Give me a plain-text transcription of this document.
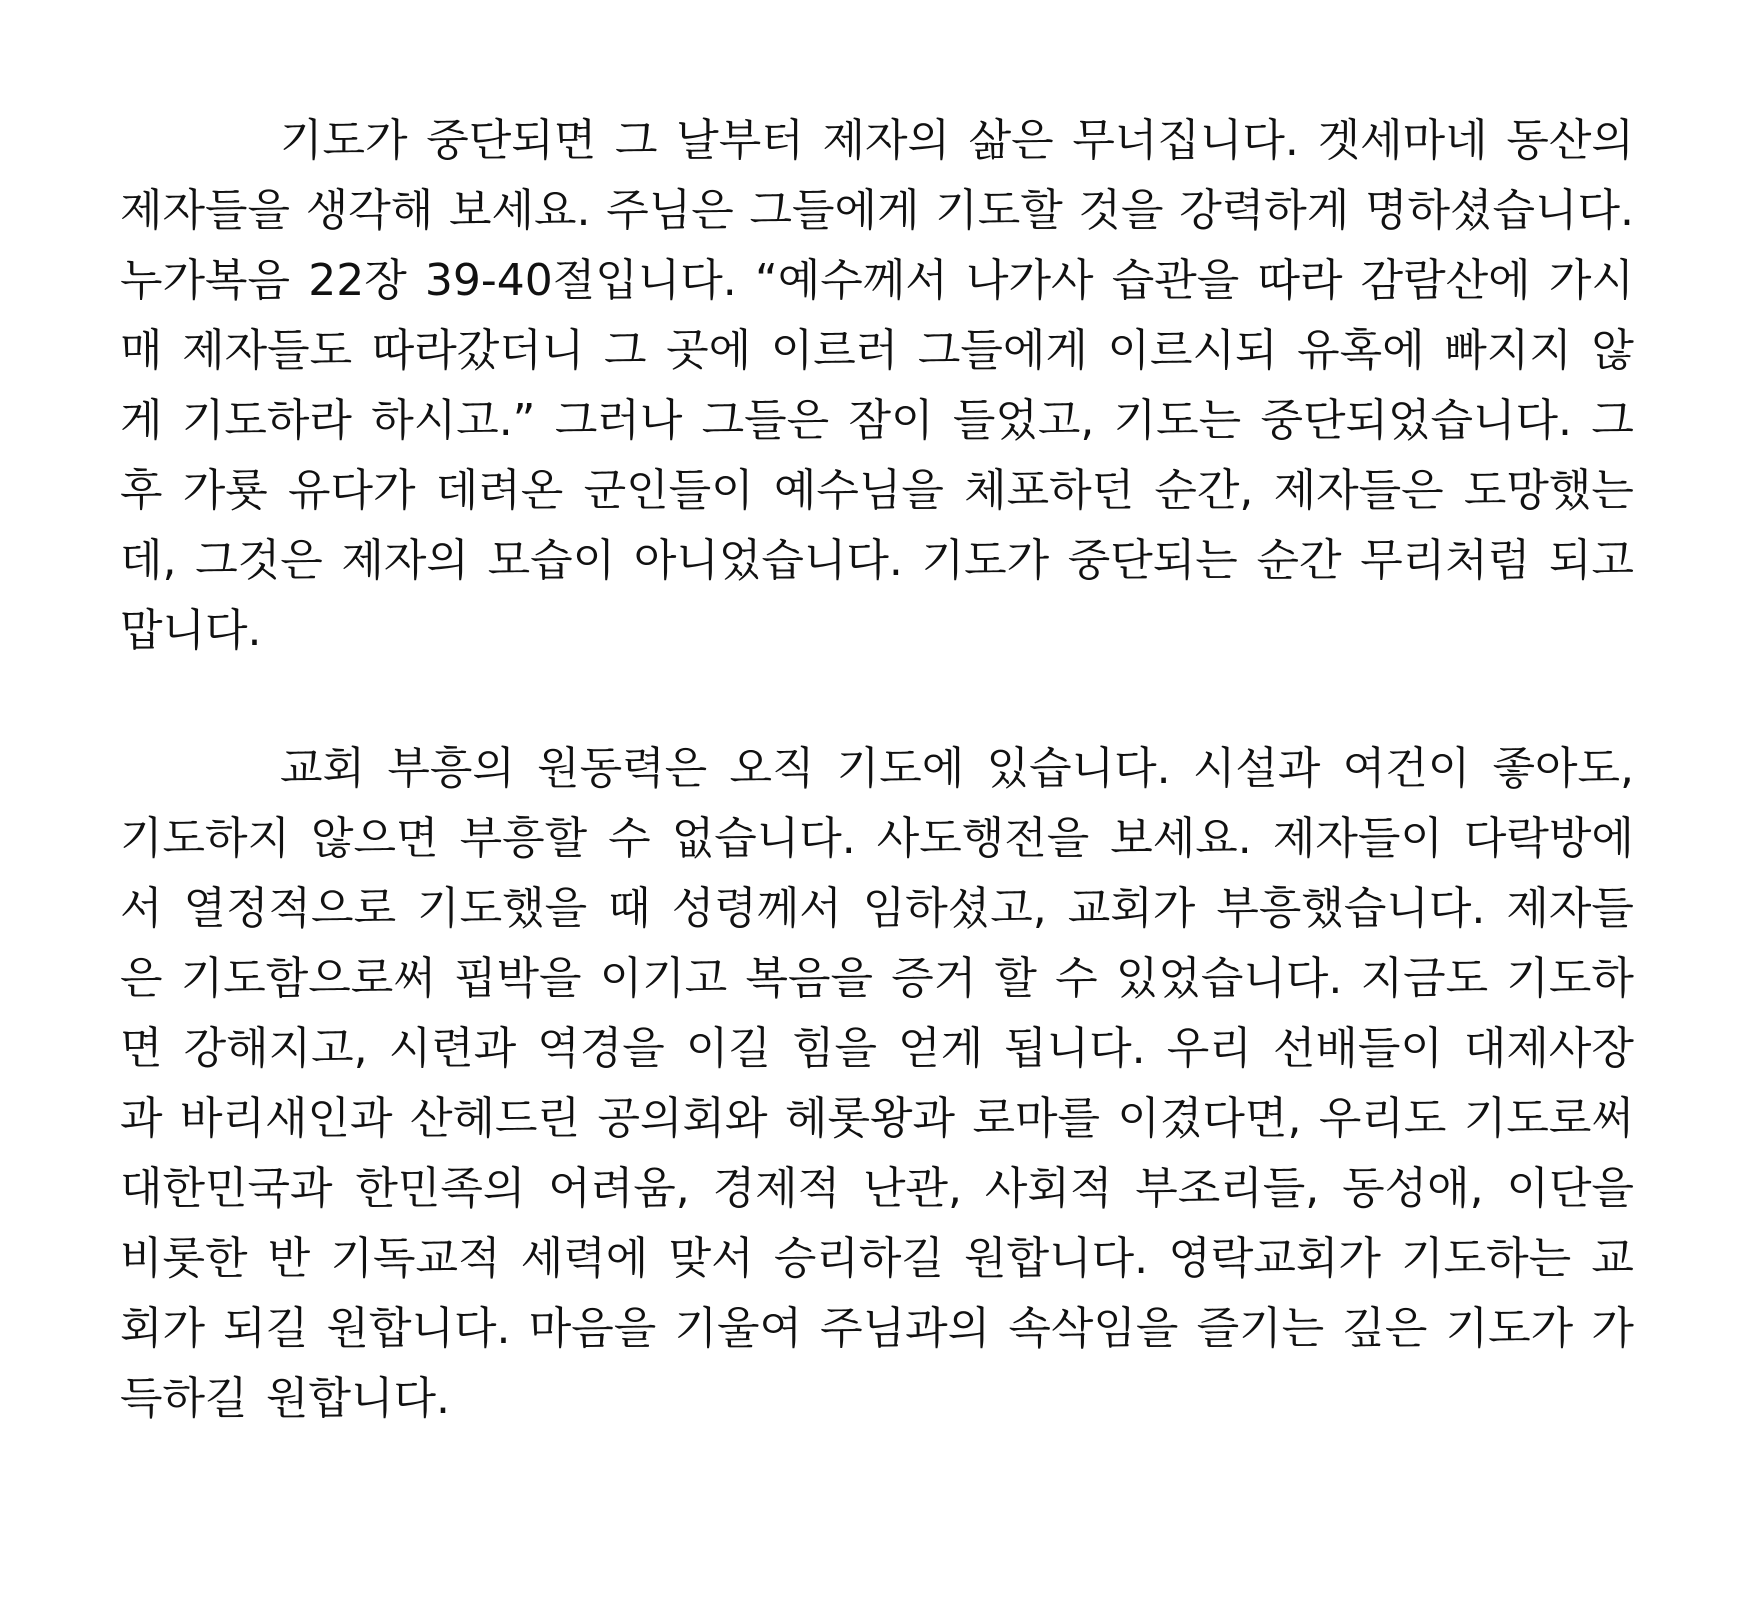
기도가 중단되면 그 날부터 제자의 삶은 무너집니다. 겟세마네 동산의
제자들을 생각해 보세요. 주님은 그들에게 기도할 것을 강력하게 명하셨습니다.
누가복음 22장 39-40절입니다. “예수께서 나가사 습관을 따라 감람산에 가시
매 제자들도 따라갔더니 그 곳에 이르러 그들에게 이르시되 유혹에 빠지지 않
게 기도하라 하시고.” 그러나 그들은 잠이 들었고, 기도는 중단되었습니다. 그
후 가룟 유다가 데려온 군인들이 예수님을 체포하던 순간, 제자들은 도망했는
데, 그것은 제자의 모습이 아니었습니다. 기도가 중단되는 순간 무리처럼 되고
맙니다.
교회 부흥의 원동력은 오직 기도에 있습니다. 시설과 여건이 좋아도,
기도하지 않으면 부흥할 수 없습니다. 사도행전을 보세요. 제자들이 다락방에
서 열정적으로 기도했을 때 성령께서 임하셨고, 교회가 부흥했습니다. 제자들
은 기도함으로써 핍박을 이기고 복음을 증거 할 수 있었습니다. 지금도 기도하
면 강해지고, 시련과 역경을 이길 힘을 얻게 됩니다. 우리 선배들이 대제사장
과 바리새인과 산헤드린 공의회와 헤롯왕과 로마를 이겼다면, 우리도 기도로써
대한민국과 한민족의 어려움, 경제적 난관, 사회적 부조리들, 동성애, 이단을
비롯한 반 기독교적 세력에 맞서 승리하길 원합니다. 영락교회가 기도하는 교
회가 되길 원합니다. 마음을 기울여 주님과의 속삭임을 즐기는 깊은 기도가 가
득하길 원합니다.
